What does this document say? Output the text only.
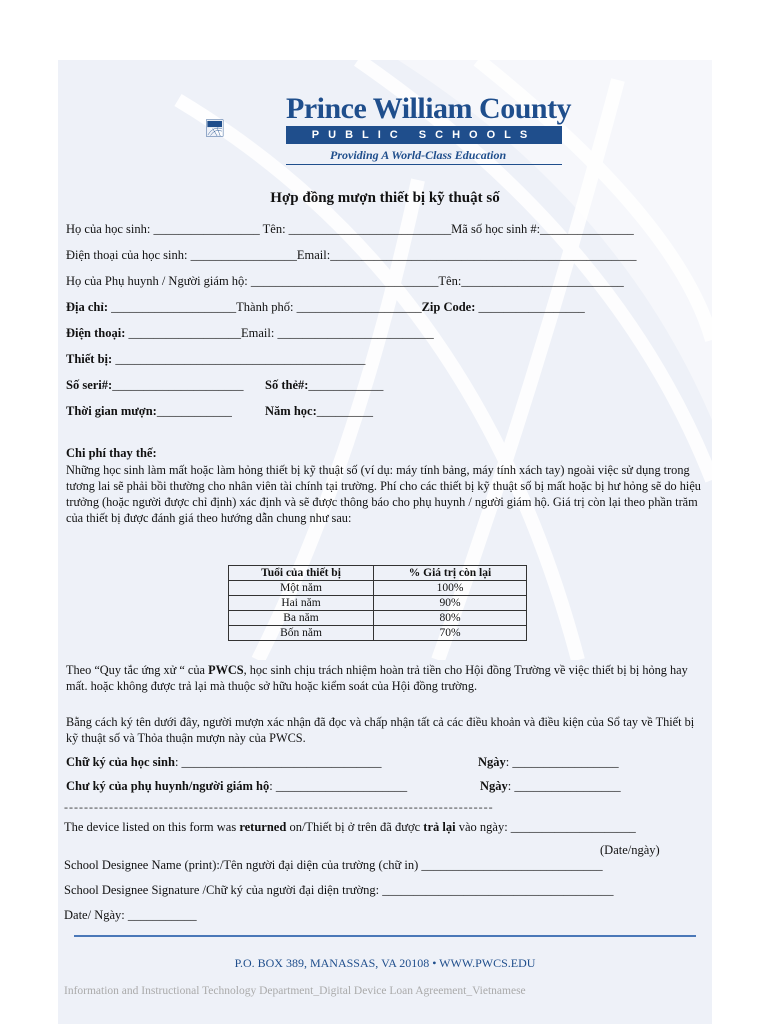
Prince William County
PUBLIC SCHOOLS
Providing A World-Class Education
Hợp đồng mượn thiết bị kỹ thuật số
Họ của học sinh: _________________ Tên: __________________________Mã số học sinh #:_______________
Điện thoại của học sinh: _________________Email:_________________________________________________
Họ của Phụ huynh / Người giám hộ: ______________________________Tên:__________________________
Địa chỉ: ____________________Thành phố: ____________________Zip Code: _________________
Điện thoại: __________________Email: _________________________
Thiết bị: ________________________________________
Số seri#:_____________________ Số thẻ#:____________
Thời gian mượn:____________	Năm học:_________
Chi phí thay thế:
Những học sinh làm mất hoặc làm hỏng thiết bị kỹ thuật số (ví dụ: máy tính bảng, máy tính xách tay) ngoài việc sử dụng trong tương lai sẽ phải bồi thường cho nhân viên tài chính tại trường. Phí cho các thiết bị kỹ thuật số bị mất hoặc bị hư hỏng sẽ do hiệu trưởng (hoặc người được chỉ định) xác định và sẽ được thông báo cho phụ huynh / người giám hộ. Giá trị còn lại theo phần trăm của thiết bị được đánh giá theo hướng dẫn chung như sau:
Tuổi của thiết bị	% Giá trị còn lại
Một năm	100%
Hai năm	90%
Ba năm	80%
Bốn năm	70%
Theo “Quy tắc ứng xử “ của PWCS, học sinh chịu trách nhiệm hoàn trả tiền cho Hội đồng Trường về việc thiết bị bị hỏng hay mất. hoặc không được trả lại mà thuộc sở hữu hoặc kiểm soát của Hội đồng trường.
Bằng cách ký tên dưới đây, người mượn xác nhận đã đọc và chấp nhận tất cả các điều khoản và điều kiện của Sổ tay về Thiết bị kỹ thuật số và Thỏa thuận mượn này của PWCS.
Chữ ký của học sinh: ________________________________	Ngày: _________________
Chư ký của phụ huynh/người giám hộ: _____________________	Ngày: _________________
--------------------------------------------------------------------------------------
The device listed on this form was returned on/Thiết bị ở trên đã được trả lại vào ngày: ____________________
(Date/ngày)
School Designee Name (print):/Tên người đại diện của trường (chữ in) _____________________________
School Designee Signature /Chữ ký của người đại diện trường: _____________________________________
Date/ Ngày: ___________
P.O. BOX 389, MANASSAS, VA 20108 • WWW.PWCS.EDU
Information and Instructional Technology Department_Digital Device Loan Agreement_Vietnamese
